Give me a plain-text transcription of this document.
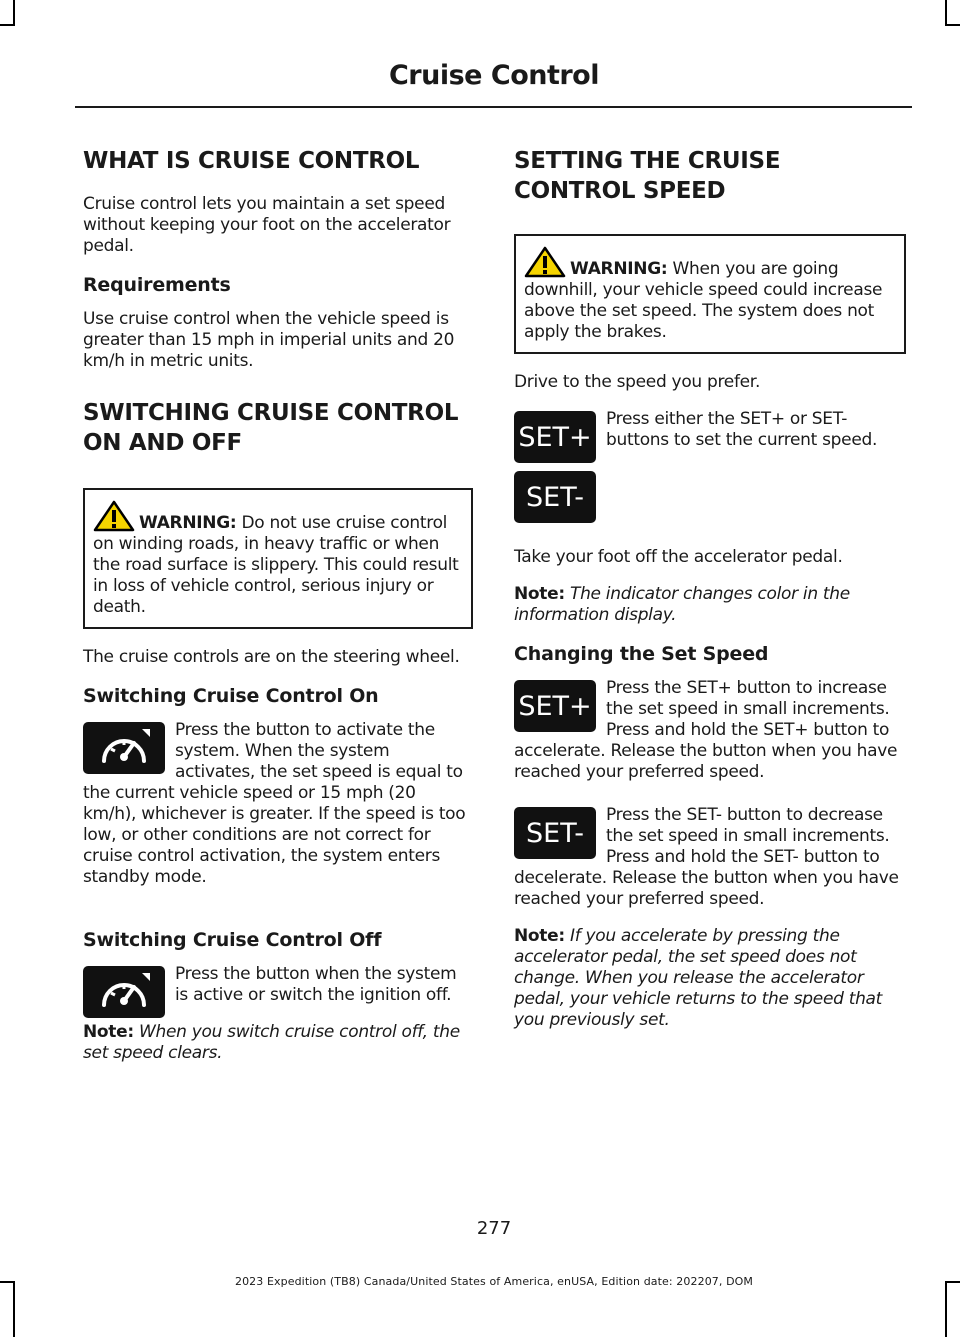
Cruise Control
WHAT IS CRUISE CONTROL

Cruise control lets you maintain a set speed without keeping your foot on the accelerator pedal.

Requirements

Use cruise control when the vehicle speed is greater than 15 mph in imperial units and 20 km/h in metric units.

SWITCHING CRUISE CONTROL
ON AND OFF
WARNING: Do not use cruise control on winding roads, in heavy traffic or when the road surface is slippery. This could result in loss of vehicle control, serious injury or death.

The cruise controls are on the steering wheel.

Switching Cruise Control On

Press the button to activate the system. When the system activates, the set speed is equal to the current vehicle speed or 15 mph (20 km/h), whichever is greater. If the speed is too low, or other conditions are not correct for cruise control activation, the system enters standby mode.

Switching Cruise Control Off

Press the button when the system is active or switch the ignition off.

Note: When you switch cruise control off, the set speed clears.

SETTING THE CRUISE
CONTROL SPEED
WARNING: When you are going downhill, your vehicle speed could increase above the set speed. The system does not apply the brakes.

Drive to the speed you prefer.

SET+
SET-

Press either the SET+ or SET- buttons to set the current speed.

Take your foot off the accelerator pedal.

Note: The indicator changes color in the information display.

Changing the Set Speed
SET+

Press the SET+ button to increase the set speed in small increments. Press and hold the SET+ button to accelerate. Release the button when you have reached your preferred speed.

SET-

Press the SET- button to decrease the set speed in small increments. Press and hold the SET- button to decelerate. Release the button when you have reached your preferred speed.

Note: If you accelerate by pressing the accelerator pedal, the set speed does not change. When you release the accelerator pedal, your vehicle returns to the speed that you previously set.

277
2023 Expedition (TB8) Canada/United States of America, enUSA, Edition date: 202207, DOM
